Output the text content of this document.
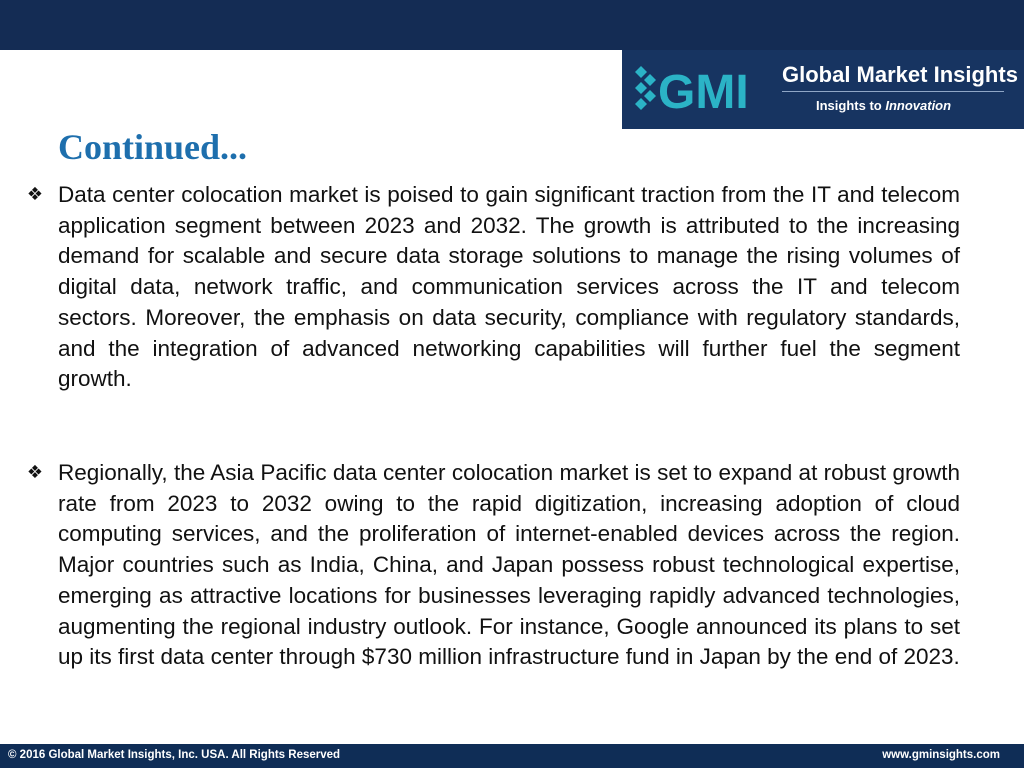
GMI Global Market Insights
Insights to Innovation
Continued...
❖ Data center colocation market is poised to gain significant traction from the IT and telecom application segment between 2023 and 2032. The growth is attributed to the increasing demand for scalable and secure data storage solutions to manage the rising volumes of digital data, network traffic, and communication services across the IT and telecom sectors. Moreover, the emphasis on data security, compliance with regulatory standards, and the integration of advanced networking capabilities will further fuel the segment growth.

❖ Regionally, the Asia Pacific data center colocation market is set to expand at robust growth rate from 2023 to 2032 owing to the rapid digitization, increasing adoption of cloud computing services, and the proliferation of internet-enabled devices across the region. Major countries such as India, China, and Japan possess robust technological expertise, emerging as attractive locations for businesses leveraging rapidly advanced technologies, augmenting the regional industry outlook. For instance, Google announced its plans to set up its first data center through $730 million infrastructure fund in Japan by the end of 2023.

© 2016 Global Market Insights, Inc. USA. All Rights Reserved	www.gminsights.com
